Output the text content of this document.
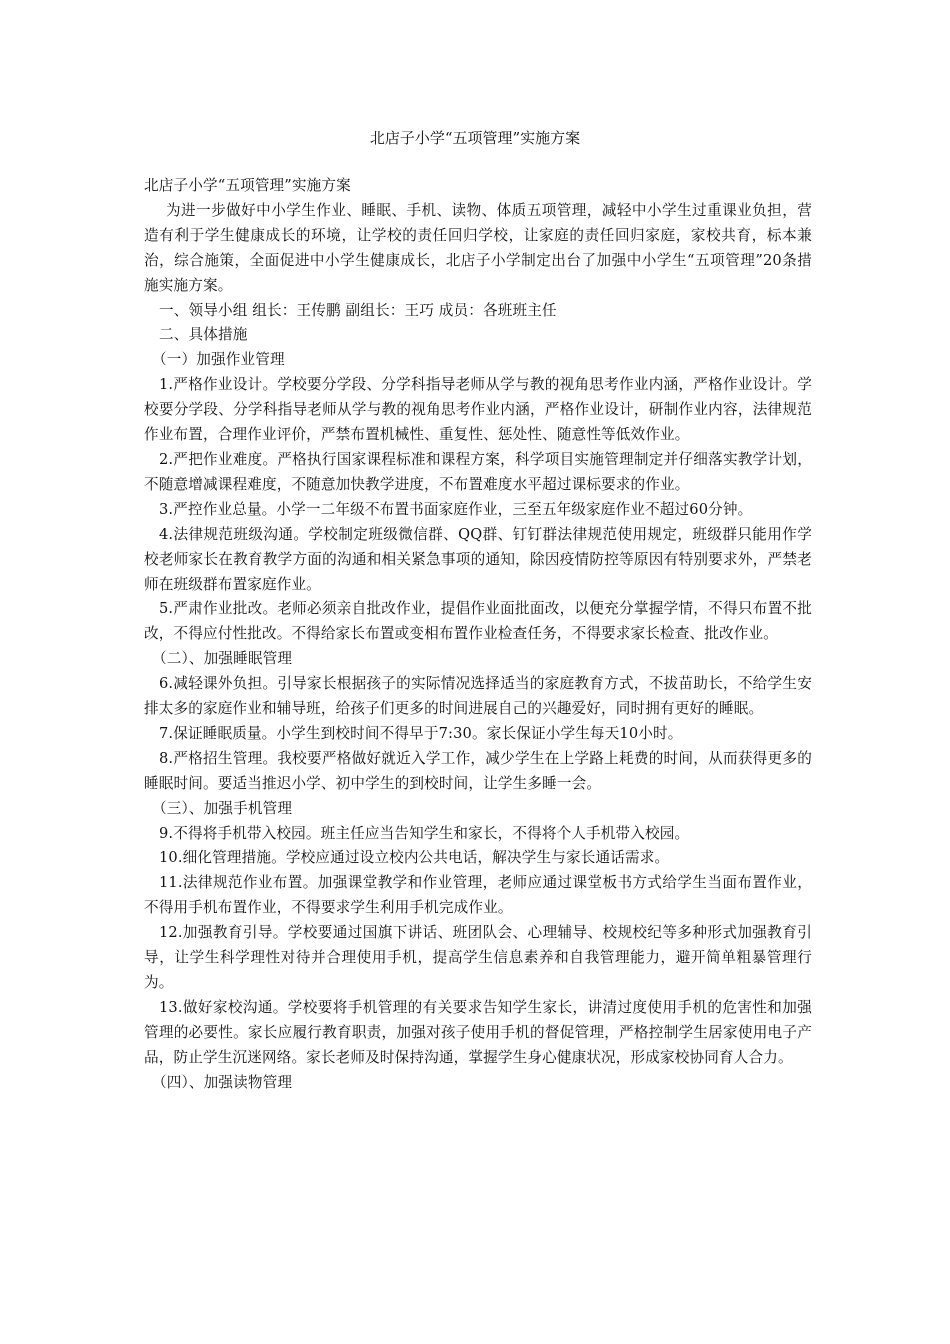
北店子小学“五项管理”实施方案

北店子小学“五项管理”实施方案

为进一步做好中小学生作业、睡眠、手机、读物、体质五项管理，减轻中小学生过重课业负担，营造有利于学生健康成长的环境，让学校的责任回归学校，让家庭的责任回归家庭，家校共育，标本兼治，综合施策，全面促进中小学生健康成长，北店子小学制定出台了加强中小学生“五项管理”20条措施实施方案。

一、领导小组 组长：王传鹏 副组长：王巧 成员：各班班主任

二、具体措施

（一）加强作业管理

1.严格作业设计。学校要分学段、分学科指导老师从学与教的视角思考作业内涵，严格作业设计。学校要分学段、分学科指导老师从学与教的视角思考作业内涵，严格作业设计，研制作业内容，法律规范作业布置，合理作业评价，严禁布置机械性、重复性、惩处性、随意性等低效作业。

2.严把作业难度。严格执行国家课程标准和课程方案，科学项目实施管理制定并仔细落实教学计划，不随意增减课程难度，不随意加快教学进度，不布置难度水平超过课标要求的作业。

3.严控作业总量。小学一二年级不布置书面家庭作业，三至五年级家庭作业不超过60分钟。

4.法律规范班级沟通。学校制定班级微信群、QQ群、钉钉群法律规范使用规定，班级群只能用作学校老师家长在教育教学方面的沟通和相关紧急事项的通知，除因疫情防控等原因有特别要求外，严禁老师在班级群布置家庭作业。

5.严肃作业批改。老师必须亲自批改作业，提倡作业面批面改，以便充分掌握学情，不得只布置不批改，不得应付性批改。不得给家长布置或变相布置作业检查任务，不得要求家长检查、批改作业。

（二）、加强睡眠管理

6.减轻课外负担。引导家长根据孩子的实际情况选择适当的家庭教育方式，不拔苗助长，不给学生安排太多的家庭作业和辅导班，给孩子们更多的时间进展自己的兴趣爱好，同时拥有更好的睡眠。

7.保证睡眠质量。小学生到校时间不得早于7:30。家长保证小学生每天10小时。

8.严格招生管理。我校要严格做好就近入学工作，减少学生在上学路上耗费的时间，从而获得更多的睡眠时间。要适当推迟小学、初中学生的到校时间，让学生多睡一会。

（三）、加强手机管理

9.不得将手机带入校园。班主任应当告知学生和家长，不得将个人手机带入校园。

10.细化管理措施。学校应通过设立校内公共电话，解决学生与家长通话需求。

11.法律规范作业布置。加强课堂教学和作业管理，老师应通过课堂板书方式给学生当面布置作业，不得用手机布置作业，不得要求学生利用手机完成作业。

12.加强教育引导。学校要通过国旗下讲话、班团队会、心理辅导、校规校纪等多种形式加强教育引导，让学生科学理性对待并合理使用手机，提高学生信息素养和自我管理能力，避开简单粗暴管理行为。

13.做好家校沟通。学校要将手机管理的有关要求告知学生家长，讲清过度使用手机的危害性和加强管理的必要性。家长应履行教育职责，加强对孩子使用手机的督促管理，严格控制学生居家使用电子产品，防止学生沉迷网络。家长老师及时保持沟通，掌握学生身心健康状况，形成家校协同育人合力。

（四）、加强读物管理
